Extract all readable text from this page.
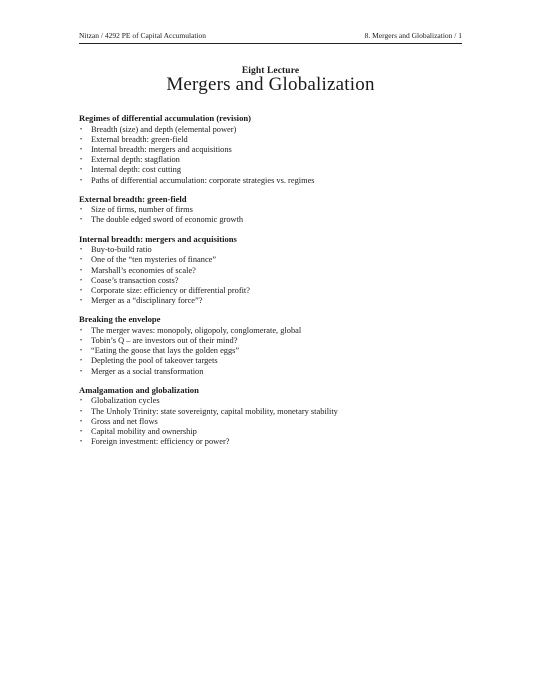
Nitzan / 4292 PE of Capital Accumulation	8. Mergers and Globalization / 1
Eight Lecture
Mergers and Globalization
Regimes of differential accumulation (revision)
• Breadth (size) and depth (elemental power)
• External breadth: green-field
• Internal breadth: mergers and acquisitions
• External depth: stagflation
• Internal depth: cost cutting
• Paths of differential accumulation: corporate strategies vs. regimes
External breadth: green-field
• Size of firms, number of firms
• The double edged sword of economic growth
Internal breadth: mergers and acquisitions
• Buy-to-build ratio
• One of the “ten mysteries of finance”
• Marshall’s economies of scale?
• Coase’s transaction costs?
• Corporate size: efficiency or differential profit?
• Merger as a “disciplinary force”?
Breaking the envelope
• The merger waves: monopoly, oligopoly, conglomerate, global
• Tobin’s Q – are investors out of their mind?
• “Eating the goose that lays the golden eggs”
• Depleting the pool of takeover targets
• Merger as a social transformation
Amalgamation and globalization
• Globalization cycles
• The Unholy Trinity: state sovereignty, capital mobility, monetary stability
• Gross and net flows
• Capital mobility and ownership
• Foreign investment: efficiency or power?
